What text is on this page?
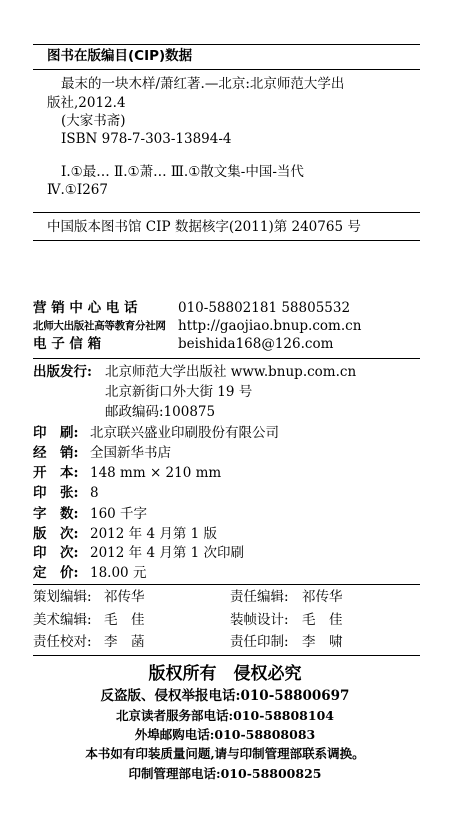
图书在版编目(CIP)数据
最末的一块木样/萧红著.—北京:北京师范大学出
版社,2012.4
(大家书斋)
ISBN 978-7-303-13894-4
Ⅰ.①最… Ⅱ.①萧… Ⅲ.①散文集-中国-当代
Ⅳ.①I267
中国版本图书馆 CIP 数据核字(2011)第 240765 号
营 销 中 心 电 话	010-58802181 58805532
北师大出版社高等教育分社网 http://gaojiao.bnup.com.cn
电 子 信 箱	beishida168@126.com
出版发行: 北京师范大学出版社 www.bnup.com.cn
北京新街口外大街 19 号
邮政编码:100875
印　刷: 北京联兴盛业印刷股份有限公司
经　销: 全国新华书店
开　本: 148 mm × 210 mm
印　张: 8
字　数: 160 千字
版　次: 2012 年 4 月第 1 版
印　次: 2012 年 4 月第 1 次印刷
定　价: 18.00 元
策划编辑: 祁传华	责任编辑: 祁传华
美术编辑: 毛　佳	装帧设计: 毛　佳
责任校对: 李　菡	责任印制: 李　啸
版权所有　侵权必究
反盗版、侵权举报电话:010-58800697
北京读者服务部电话:010-58808104
外埠邮购电话:010-58808083
本书如有印装质量问题,请与印制管理部联系调换。
印制管理部电话:010-58800825
